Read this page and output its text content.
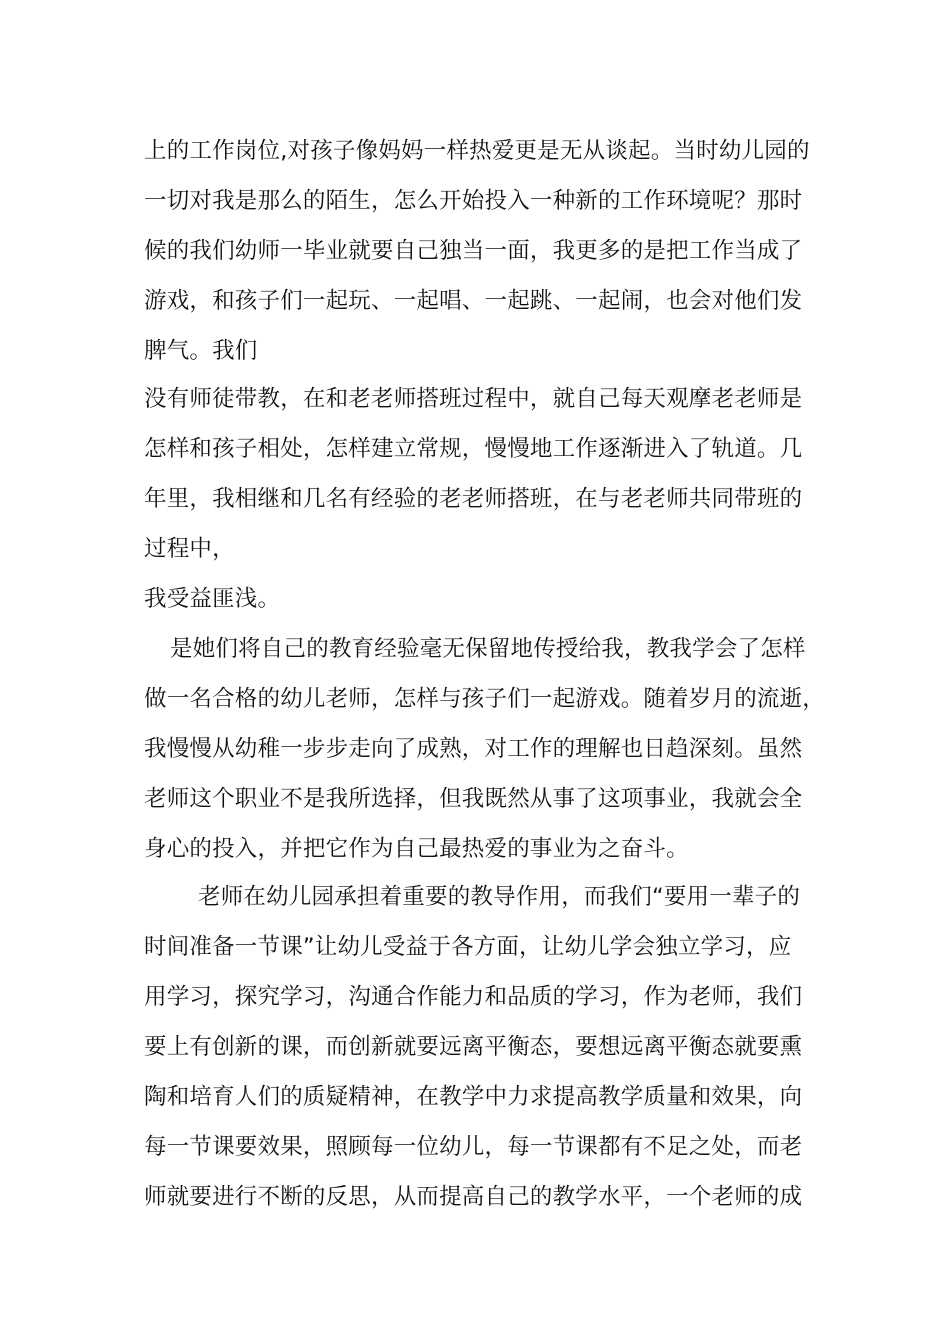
上的工作岗位,对孩子像妈妈一样热爱更是无从谈起。当时幼儿园的
一切对我是那么的陌生，怎么开始投入一种新的工作环境呢？那时
候的我们幼师一毕业就要自己独当一面，我更多的是把工作当成了
游戏，和孩子们一起玩、一起唱、一起跳、一起闹，也会对他们发
脾气。我们
没有师徒带教，在和老老师搭班过程中，就自己每天观摩老老师是
怎样和孩子相处，怎样建立常规，慢慢地工作逐渐进入了轨道。几
年里，我相继和几名有经验的老老师搭班，在与老老师共同带班的
过程中，
我受益匪浅。
是她们将自己的教育经验毫无保留地传授给我，教我学会了怎样
做一名合格的幼儿老师，怎样与孩子们一起游戏。随着岁月的流逝，
我慢慢从幼稚一步步走向了成熟，对工作的理解也日趋深刻。虽然
老师这个职业不是我所选择，但我既然从事了这项事业，我就会全
身心的投入，并把它作为自己最热爱的事业为之奋斗。
老师在幼儿园承担着重要的教导作用，而我们“要用一辈子的
时间准备一节课”让幼儿受益于各方面，让幼儿学会独立学习，应
用学习，探究学习，沟通合作能力和品质的学习，作为老师，我们
要上有创新的课，而创新就要远离平衡态，要想远离平衡态就要熏
陶和培育人们的质疑精神，在教学中力求提高教学质量和效果，向
每一节课要效果，照顾每一位幼儿，每一节课都有不足之处，而老
师就要进行不断的反思，从而提高自己的教学水平，一个老师的成
